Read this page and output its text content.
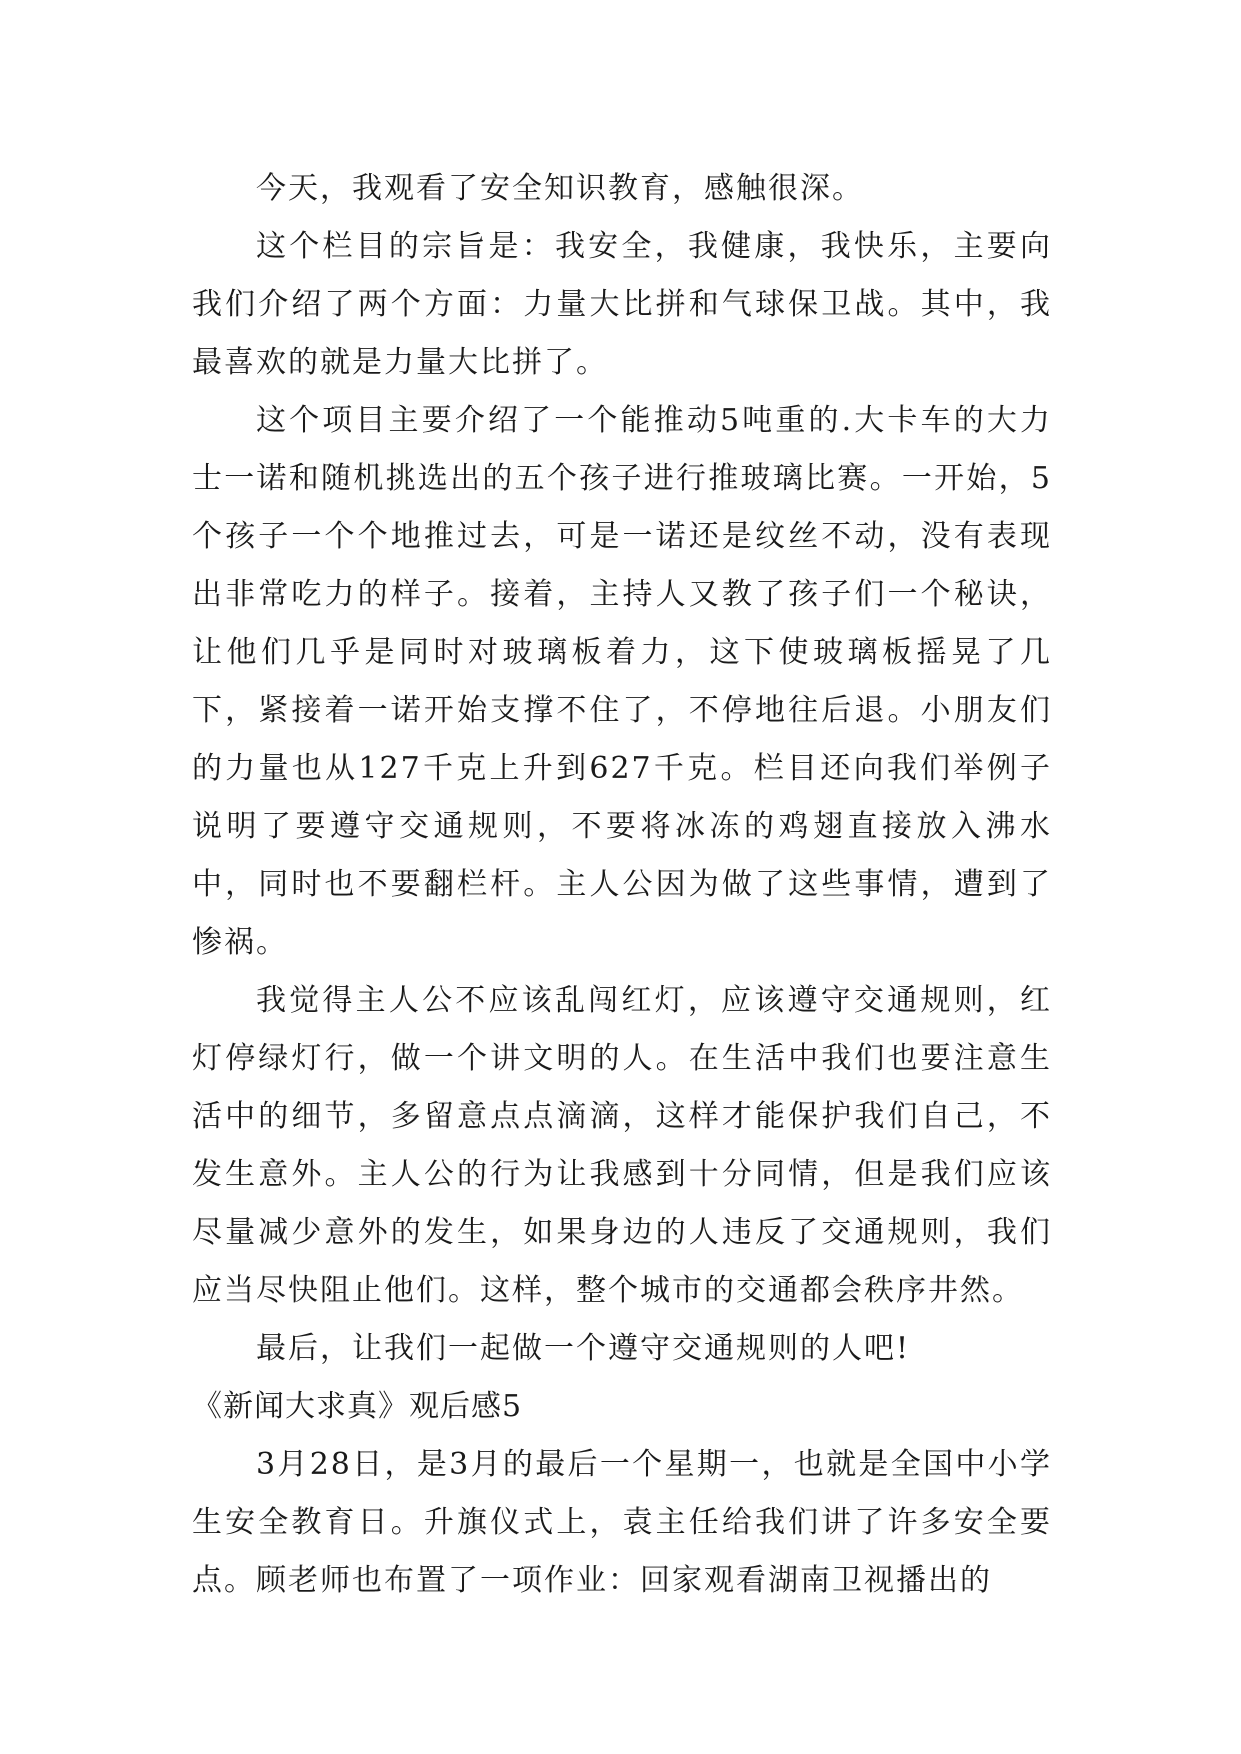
今天，我观看了安全知识教育，感触很深。

这个栏目的宗旨是：我安全，我健康，我快乐，主要向我们介绍了两个方面：力量大比拼和气球保卫战。其中，我最喜欢的就是力量大比拼了。

这个项目主要介绍了一个能推动5吨重的.大卡车的大力士一诺和随机挑选出的五个孩子进行推玻璃比赛。一开始，5个孩子一个个地推过去，可是一诺还是纹丝不动，没有表现出非常吃力的样子。接着，主持人又教了孩子们一个秘诀，让他们几乎是同时对玻璃板着力，这下使玻璃板摇晃了几下，紧接着一诺开始支撑不住了，不停地往后退。小朋友们的力量也从127千克上升到627千克。栏目还向我们举例子说明了要遵守交通规则，不要将冰冻的鸡翅直接放入沸水中，同时也不要翻栏杆。主人公因为做了这些事情，遭到了惨祸。

我觉得主人公不应该乱闯红灯，应该遵守交通规则，红灯停绿灯行，做一个讲文明的人。在生活中我们也要注意生活中的细节，多留意点点滴滴，这样才能保护我们自己，不发生意外。主人公的行为让我感到十分同情，但是我们应该尽量减少意外的发生，如果身边的人违反了交通规则，我们应当尽快阻止他们。这样，整个城市的交通都会秩序井然。

最后，让我们一起做一个遵守交通规则的人吧!

《新闻大求真》观后感5

3月28日，是3月的最后一个星期一，也就是全国中小学生安全教育日。升旗仪式上，袁主任给我们讲了许多安全要点。顾老师也布置了一项作业：回家观看湖南卫视播出的
